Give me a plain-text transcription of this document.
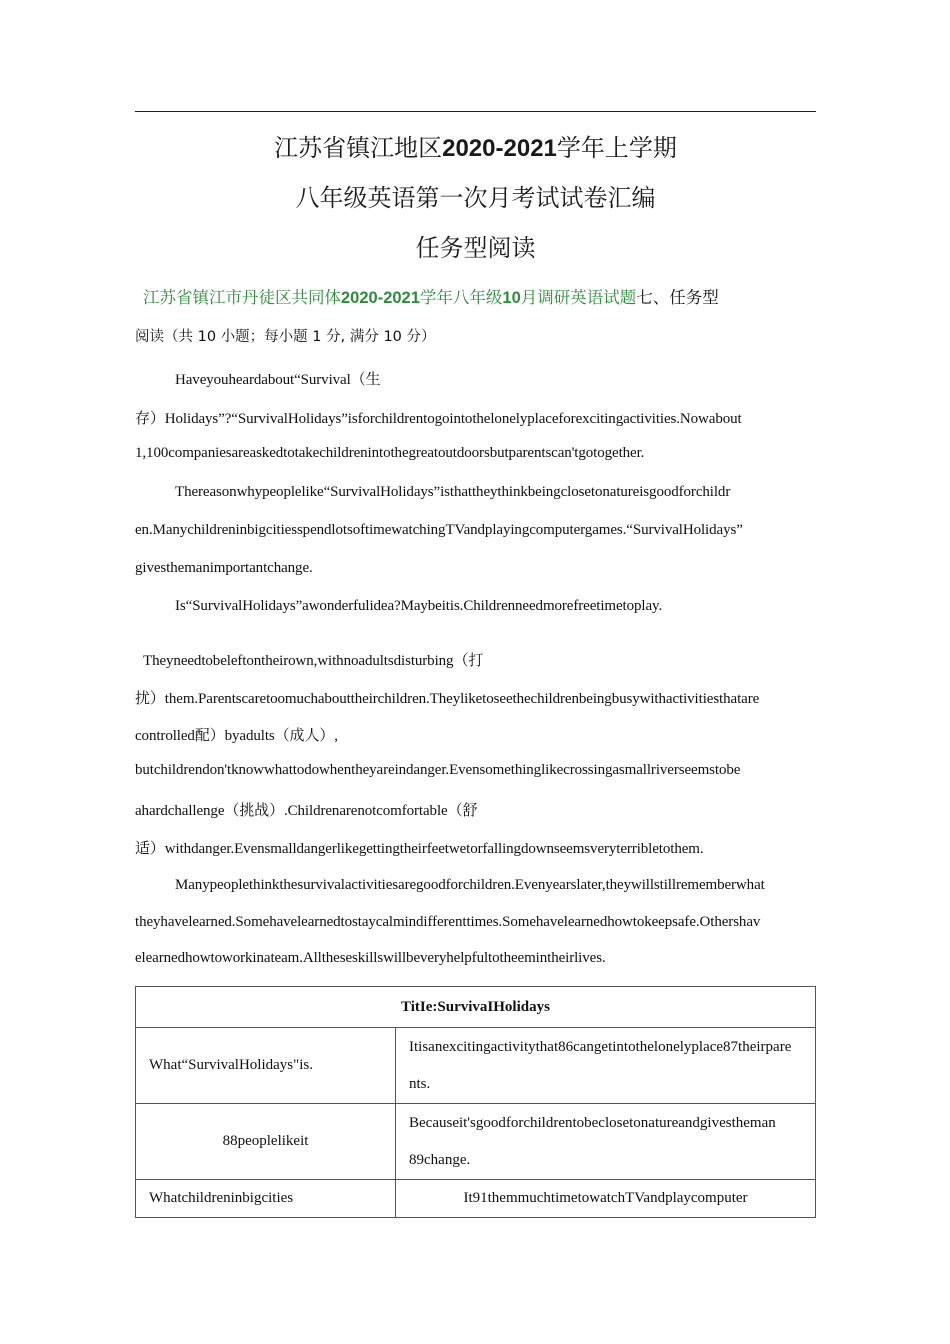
江苏省镇江地区2020-2021学年上学期
八年级英语第一次月考试试卷汇编
任务型阅读
江苏省镇江市丹徒区共同体2020-2021学年八年级10月调研英语试题七、任务型
阅读（共 10 小题；每小题 1 分, 满分 10 分）
Haveyouheardabout“Survival（生
存）Holidays”?“SurvivalHolidays”isforchildrentogointothelonelyplaceforexcitingactivities.Nowabout
1,100companiesareaskedtotakechildrenintothegreatoutdoorsbutparentscan'tgotogether.
Thereasonwhypeoplelike“SurvivalHolidays”isthattheythinkbeingclosetonatureisgoodforchildr
en.ManychildreninbigcitiesspendlotsoftimewatchingTVandplayingcomputergames.“SurvivalHolidays”
givesthemanimportantchange.
Is“SurvivalHolidays”awonderfulidea?Maybeitis.Childrenneedmorefreetimetoplay.
Theyneedtobeleftontheirown,withnoadultsdisturbing（打
扰）them.Parentscaretoomuchabouttheirchildren.Theyliketoseethechildrenbeingbusywithactivitiesthatare
controlled配）byadults（成人）,
butchildrendon'tknowwhattodowhentheyareindanger.Evensomethinglikecrossingasmallriverseemstobe
ahardchallenge（挑战）.Childrenarenotcomfortable（舒
适）withdanger.Evensmalldangerlikegettingtheirfeetwetorfallingdownseemsveryterribletothem.
Manypeoplethinkthesurvivalactivitiesaregoodforchildren.Evenyearslater,theywillstillrememberwhat
theyhavelearned.Somehavelearnedtostaycalmindifferenttimes.Somehavelearnedhowtokeepsafe.Othershav
elearnedhowtoworkinateam.Alltheseskillswillbeveryhelpfultotheemintheirlives.
TitIe:SurvivaIHolidays	
What“SurvivalHolidays"is.	Itisanexcitingactivitythat86cangetintothelonelyplace87theirpare
nts.

88peoplelikeit	Becauseit'sgoodforchildrentobeclosetonatureandgivestheman
89change.

Whatchildreninbigcities	It91themmuchtimetowatchTVandplaycomputer
